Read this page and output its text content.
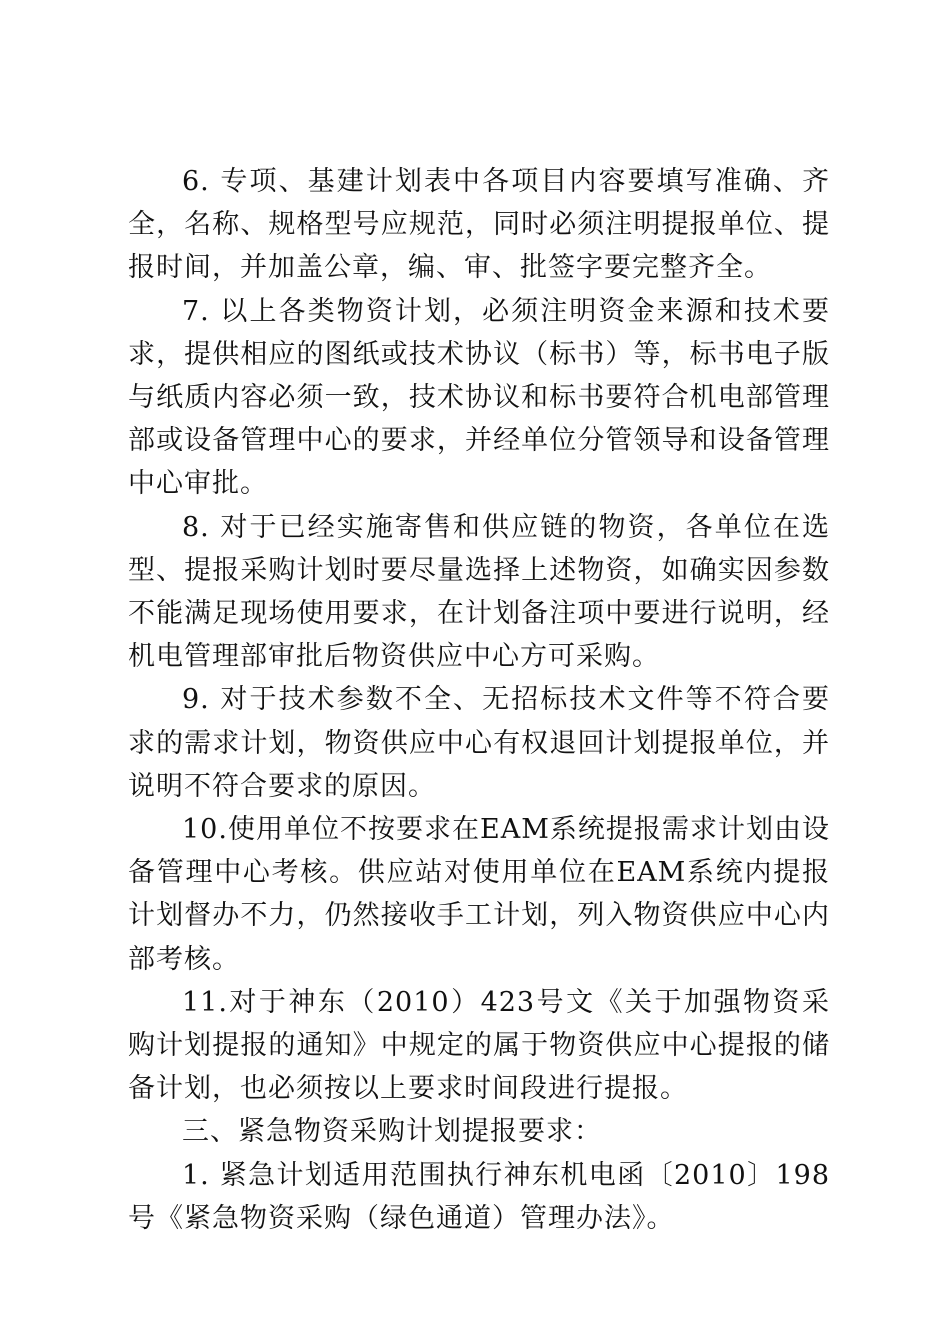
6. 专项、基建计划表中各项目内容要填写准确、齐全，名称、规格型号应规范，同时必须注明提报单位、提报时间，并加盖公章，编、审、批签字要完整齐全。

7. 以上各类物资计划，必须注明资金来源和技术要求，提供相应的图纸或技术协议（标书）等，标书电子版与纸质内容必须一致，技术协议和标书要符合机电部管理部或设备管理中心的要求，并经单位分管领导和设备管理中心审批。

8. 对于已经实施寄售和供应链的物资，各单位在选型、提报采购计划时要尽量选择上述物资，如确实因参数不能满足现场使用要求，在计划备注项中要进行说明，经机电管理部审批后物资供应中心方可采购。

9. 对于技术参数不全、无招标技术文件等不符合要求的需求计划，物资供应中心有权退回计划提报单位，并说明不符合要求的原因。

10.使用单位不按要求在EAM系统提报需求计划由设备管理中心考核。供应站对使用单位在EAM系统内提报计划督办不力，仍然接收手工计划，列入物资供应中心内部考核。

11.对于神东（2010）423号文《关于加强物资采购计划提报的通知》中规定的属于物资供应中心提报的储备计划，也必须按以上要求时间段进行提报。

三、紧急物资采购计划提报要求：

1. 紧急计划适用范围执行神东机电函〔2010〕198号《紧急物资采购（绿色通道）管理办法》。
